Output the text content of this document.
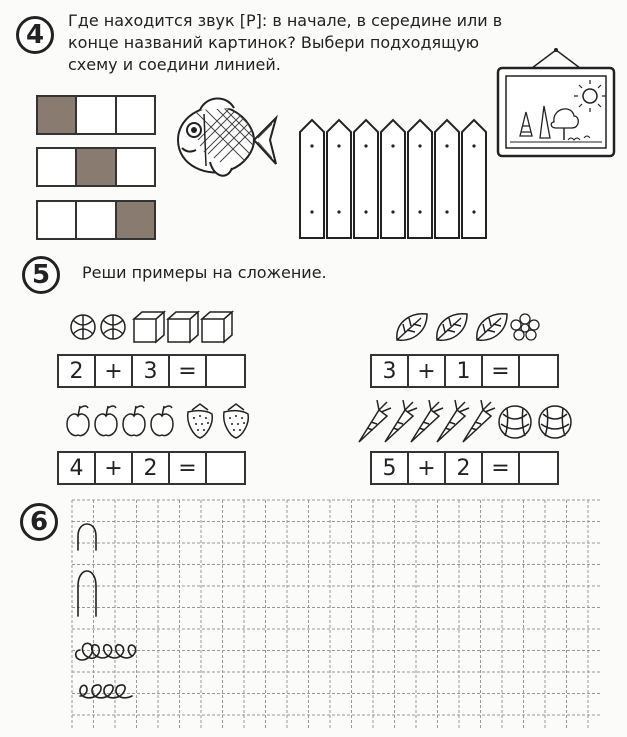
4	Где находится звук [Р]: в начале, в середине или в
конце названий картинок? Выбери подходящую
схему и соедини линией.
5	Реши примеры на сложение.
2 + 3 =	3 + 1 =
4 + 2 =	5 + 2 =
6
